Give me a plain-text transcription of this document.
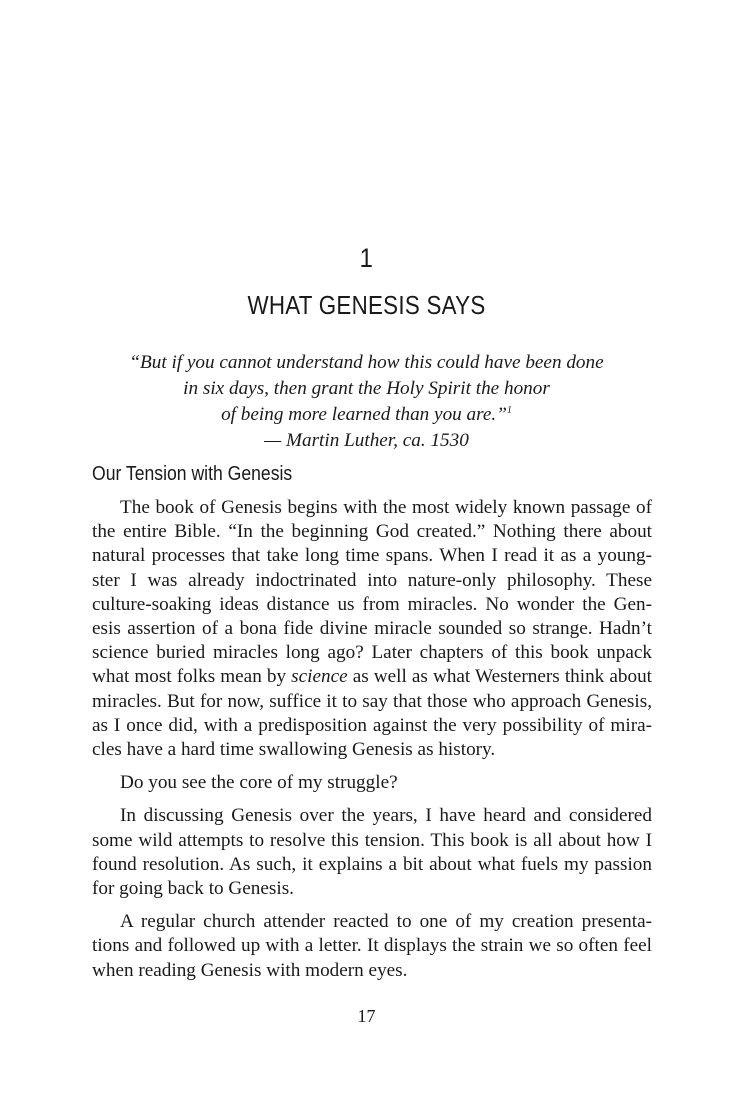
1
WHAT GENESIS SAYS
“But if you cannot understand how this could have been done
in six days, then grant the Holy Spirit the honor
of being more learned than you are.”$^1$
— Martin Luther, ca. 1530
Our Tension with Genesis

The book of Genesis begins with the most widely known passage of
the entire Bible. “In the beginning God created.” Nothing there about
natural processes that take long time spans. When I read it as a young-
ster I was already indoctrinated into nature-only philosophy. These
culture-soaking ideas distance us from miracles. No wonder the Gen-
esis assertion of a bona fide divine miracle sounded so strange. Hadn’t
science buried miracles long ago? Later chapters of this book unpack
what most folks mean by science as well as what Westerners think about
miracles. But for now, suffice it to say that those who approach Genesis,
as I once did, with a predisposition against the very possibility of mira-
cles have a hard time swallowing Genesis as history.

Do you see the core of my struggle?

In discussing Genesis over the years, I have heard and considered
some wild attempts to resolve this tension. This book is all about how I
found resolution. As such, it explains a bit about what fuels my passion
for going back to Genesis.

A regular church attender reacted to one of my creation presenta-
tions and followed up with a letter. It displays the strain we so often feel
when reading Genesis with modern eyes.

17
